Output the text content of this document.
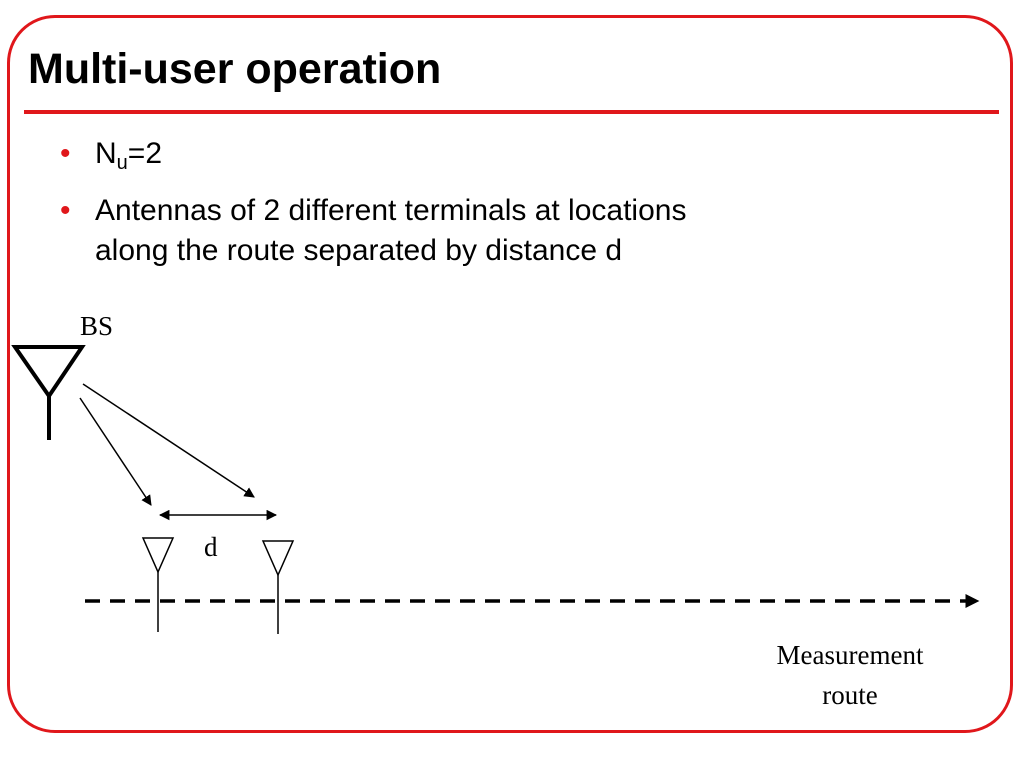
Multi-user operation
• $N_u=2$
• Antennas of 2 different terminals at locations
along the route separated by distance d
BS
d
Measurement
route
